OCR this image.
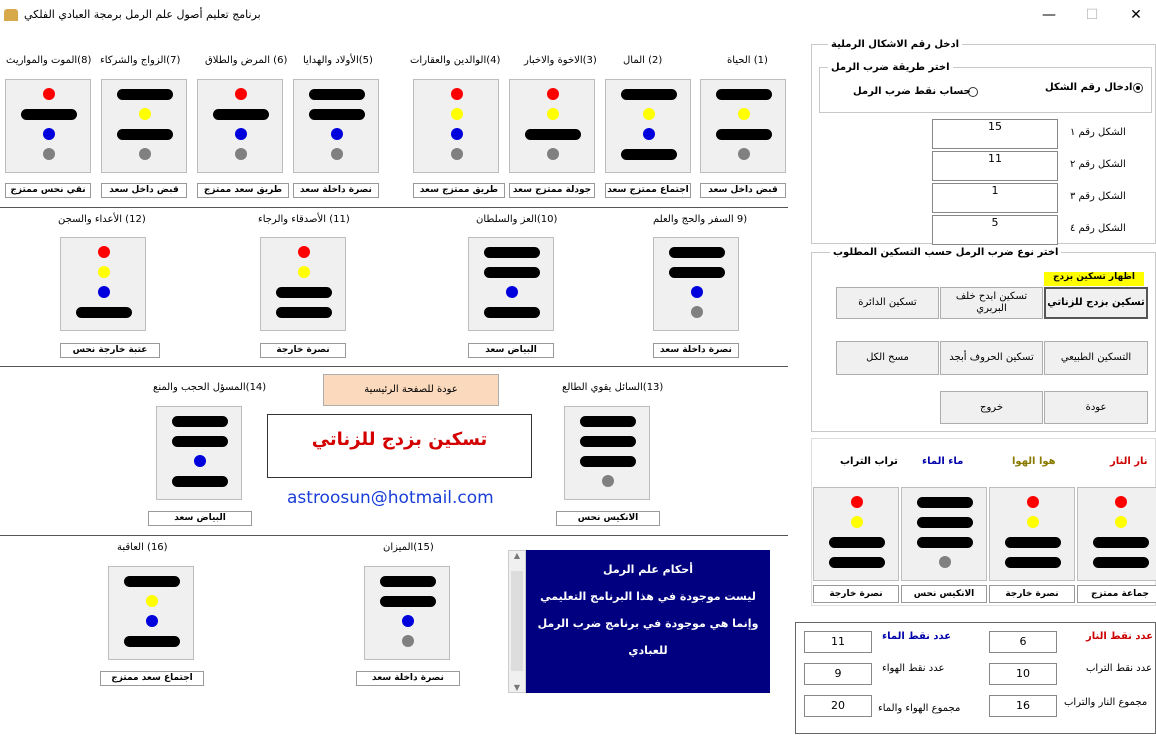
برنامج تعليم أصول علم الرمل برمجة العبادي الفلكي	—	☐	✕
(1) الحياة
قبض داخل سعد
(2) المال
اجتماع ممتزج سعد
(3)الاخوة والاخبار
جودلة ممتزج سعد
(4)الوالدين والعقارات
طريق ممتزج سعد
(5)الأولاد والهدايا
نصرة داخلة سعد
(6) المرض والطلاق
طريق سعد ممتزج
(7)الزواج والشركاء
قبض داخل سعد
(8)الموت والمواريث
نقي نحس ممتزج
(9 السفر والحج والعلم
نصرة داخلة سعد
(10)العز والسلطان
البياض سعد
(11) الأصدقاء والرجاء
نصرة خارجة
(12) الأعداء والسجن
عتبة خارجة نحس
(13)السائل يقوي الطالع
الانكيس نحس
(14)المسؤل الحجب والمنع
البياض سعد
(15)الميزان
نصرة داخلة سعد
(16) العاقبة
اجتماع سعد ممتزج
عودة للصفحة الرئيسية
تسكين بزدج للزناتي
astroosun@hotmail.com
▲
▼
أحكام علم الرمل
ليست موجودة في هذا البرنامج التعليمي
وإنما هي موجودة في برنامج ضرب الرمل
للعبادي
ادخل رقم الاشكال الرملية
اختر طريقة ضرب الرمل
ادخال رقم الشكل
حساب نقط ضرب الرمل
15	الشكل رقم ١
11	الشكل رقم ٢
1	الشكل رقم ٣
5	الشكل رقم ٤
اختر نوع ضرب الرمل حسب التسكين المطلوب
اظهار تسكين بزدج
تسكين بزدج للزناتي
تسكين ابدح خلف البربري
تسكين الدائرة
التسكين الطبيعي
تسكين الحروف أبجد
مسح الكل
عودة
خروج
نار النار
جماعة ممتزج
هوا الهوا
نصرة خارجة
ماء الماء
الانكيس نحس
تراب التراب
نصرة خارجة
عدد نقط النار
6
عدد نقط الماء
11
عدد نقط التراب
10
عدد نقط الهواء
9
مجموع النار والتراب
16
مجموع الهواء والماء
20
